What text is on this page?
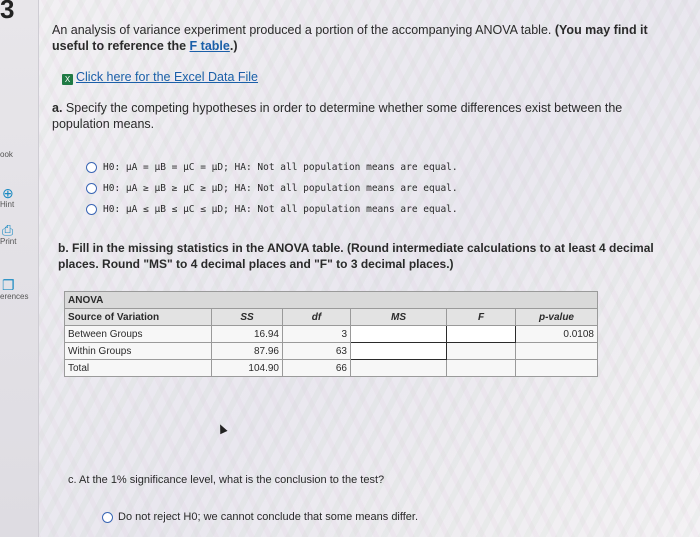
3
ook
⊕
Hint
⎙
Print
❐
erences
An analysis of variance experiment produced a portion of the accompanying ANOVA table. (You may find it useful to reference the F table.)
X Click here for the Excel Data File
a. Specify the competing hypotheses in order to determine whether some differences exist between the population means.
H0: μA = μB = μC = μD; HA: Not all population means are equal.
H0: μA ≥ μB ≥ μC ≥ μD; HA: Not all population means are equal.
H0: μA ≤ μB ≤ μC ≤ μD; HA: Not all population means are equal.
b. Fill in the missing statistics in the ANOVA table. (Round intermediate calculations to at least 4 decimal places. Round "MS" to 4 decimal places and "F" to 3 decimal places.)
ANOVA					
Source of Variation	SS	df	MS	F	p-value
Between Groups	16.94	3			0.0108
Within Groups	87.96	63			
Total	104.90	66			
c. At the 1% significance level, what is the conclusion to the test?
Do not reject H0; we cannot conclude that some means differ.
